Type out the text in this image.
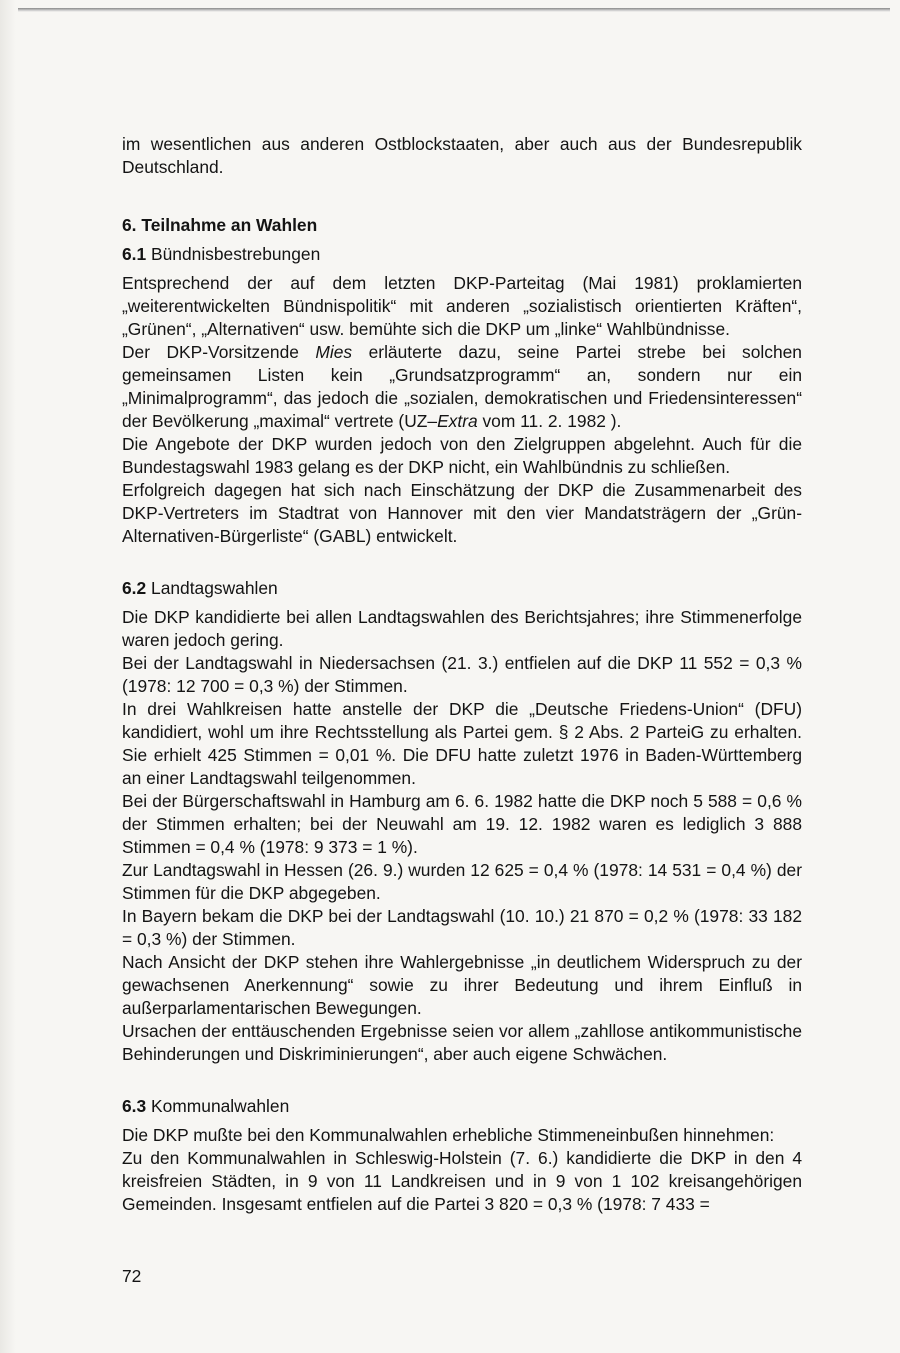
im wesentlichen aus anderen Ostblockstaaten, aber auch aus der Bundesrepublik Deutschland.

6. Teilnahme an Wahlen
6.1 Bündnisbestrebungen

Entsprechend der auf dem letzten DKP-Parteitag (Mai 1981) proklamierten „weiterentwickelten Bündnispolitik“ mit anderen „sozialistisch orientierten Kräften“, „Grünen“, „Alternativen“ usw. bemühte sich die DKP um „linke“ Wahlbündnisse.

Der DKP-Vorsitzende Mies erläuterte dazu, seine Partei strebe bei solchen gemeinsamen Listen kein „Grundsatzprogramm“ an, sondern nur ein „Minimalprogramm“, das jedoch die „sozialen, demokratischen und Friedensinteressen“ der Bevölkerung „maximal“ vertrete (UZ–Extra vom 11. 2. 1982 ).

Die Angebote der DKP wurden jedoch von den Zielgruppen abgelehnt. Auch für die Bundestagswahl 1983 gelang es der DKP nicht, ein Wahlbündnis zu schließen.

Erfolgreich dagegen hat sich nach Einschätzung der DKP die Zusammenarbeit des DKP-Vertreters im Stadtrat von Hannover mit den vier Mandatsträgern der „Grün-Alternativen-Bürgerliste“ (GABL) entwickelt.

6.2 Landtagswahlen

Die DKP kandidierte bei allen Landtagswahlen des Berichtsjahres; ihre Stimmenerfolge waren jedoch gering.

Bei der Landtagswahl in Niedersachsen (21. 3.) entfielen auf die DKP 11 552 = 0,3 % (1978: 12 700 = 0,3 %) der Stimmen.

In drei Wahlkreisen hatte anstelle der DKP die „Deutsche Friedens-Union“ (DFU) kandidiert, wohl um ihre Rechtsstellung als Partei gem. § 2 Abs. 2 ParteiG zu erhalten. Sie erhielt 425 Stimmen = 0,01 %. Die DFU hatte zuletzt 1976 in Baden-Württemberg an einer Landtagswahl teilgenommen.

Bei der Bürgerschaftswahl in Hamburg am 6. 6. 1982 hatte die DKP noch 5 588 = 0,6 % der Stimmen erhalten; bei der Neuwahl am 19. 12. 1982 waren es lediglich 3 888 Stimmen = 0,4 % (1978: 9 373 = 1 %).

Zur Landtagswahl in Hessen (26. 9.) wurden 12 625 = 0,4 % (1978: 14 531 = 0,4 %) der Stimmen für die DKP abgegeben.

In Bayern bekam die DKP bei der Landtagswahl (10. 10.) 21 870 = 0,2 % (1978: 33 182 = 0,3 %) der Stimmen.

Nach Ansicht der DKP stehen ihre Wahlergebnisse „in deutlichem Widerspruch zu der gewachsenen Anerkennung“ sowie zu ihrer Bedeutung und ihrem Einfluß in außerparlamentarischen Bewegungen.

Ursachen der enttäuschenden Ergebnisse seien vor allem „zahllose antikommunistische Behinderungen und Diskriminierungen“, aber auch eigene Schwächen.

6.3 Kommunalwahlen

Die DKP mußte bei den Kommunalwahlen erhebliche Stimmeneinbußen hinnehmen:

Zu den Kommunalwahlen in Schleswig-Holstein (7. 6.) kandidierte die DKP in den 4 kreisfreien Städten, in 9 von 11 Landkreisen und in 9 von 1 102 kreisangehörigen Gemeinden. Insgesamt entfielen auf die Partei 3 820 = 0,3 % (1978: 7 433 =

72
